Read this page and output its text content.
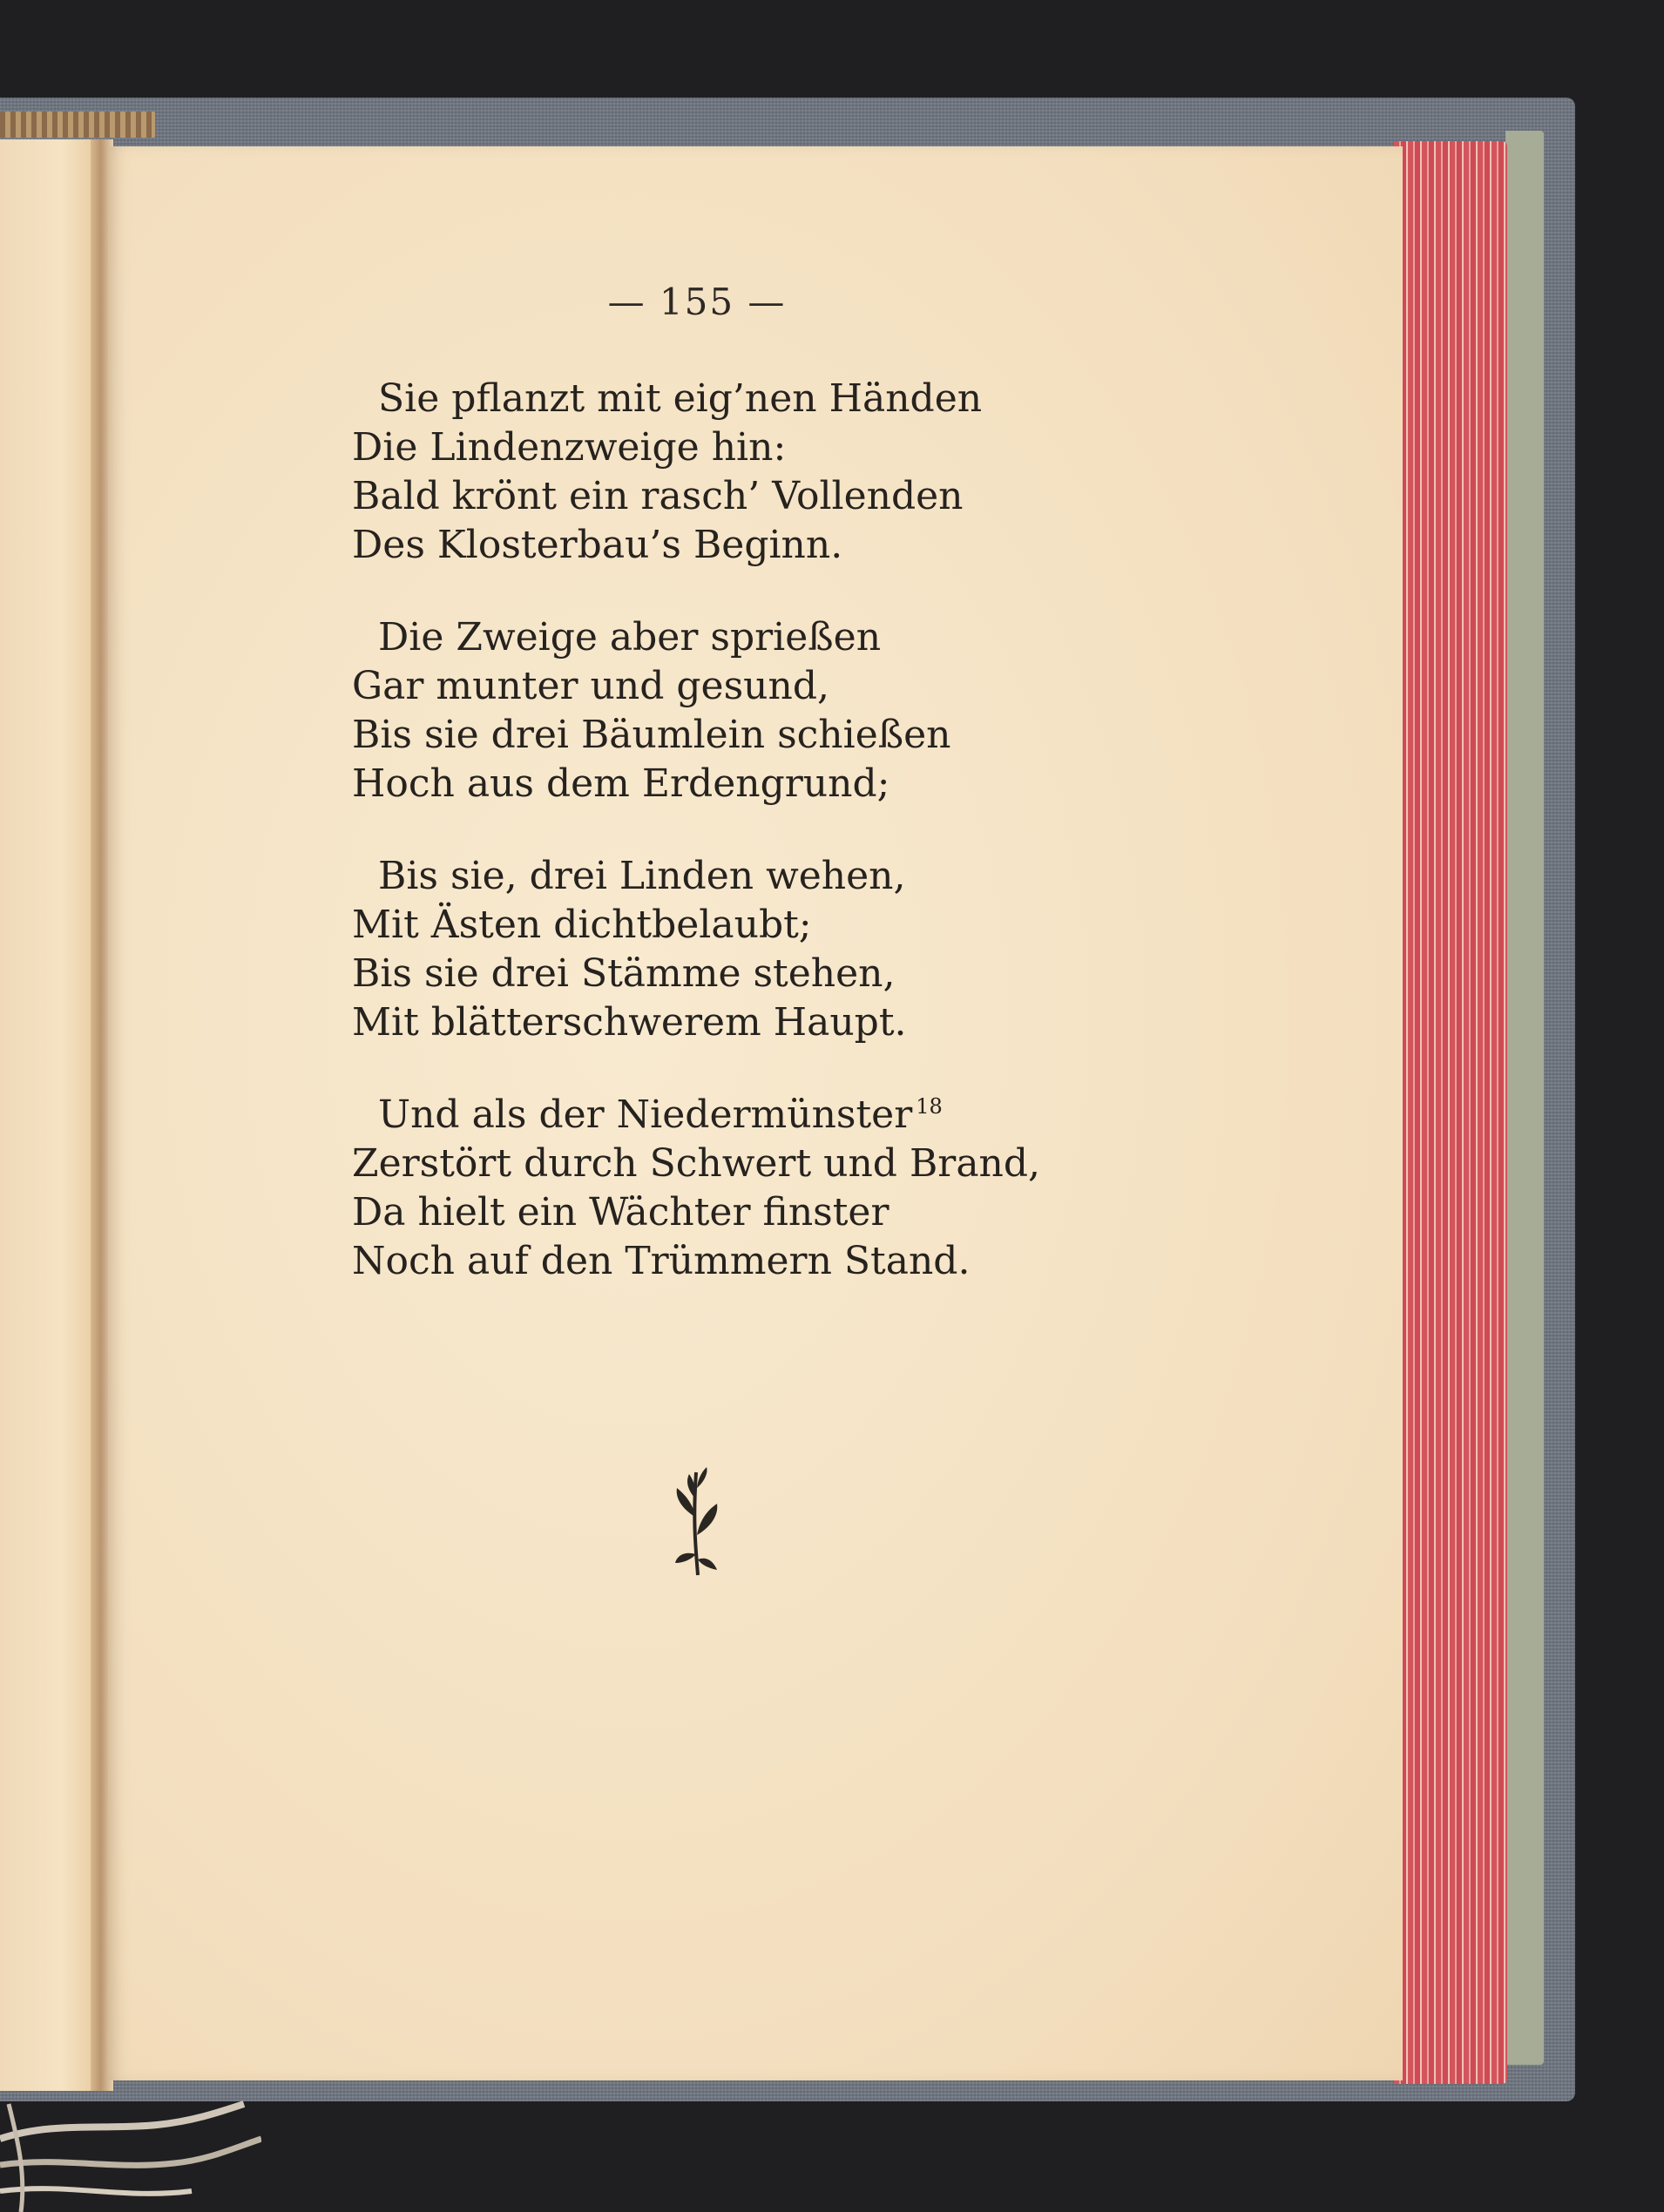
— 155 —
Sie pflanzt mit eig’nen Händen
Die Lindenzweige hin:
Bald krönt ein rasch’ Vollenden
Des Klosterbau’s Beginn.
Die Zweige aber sprießen
Gar munter und gesund,
Bis sie drei Bäumlein schießen
Hoch aus dem Erdengrund;
Bis sie, drei Linden wehen,
Mit Ästen dichtbelaubt;
Bis sie drei Stämme stehen,
Mit blätterschwerem Haupt.
Und als der Niedermünster $^{18}$
Zerstört durch Schwert und Brand,
Da hielt ein Wächter finster
Noch auf den Trümmern Stand.
